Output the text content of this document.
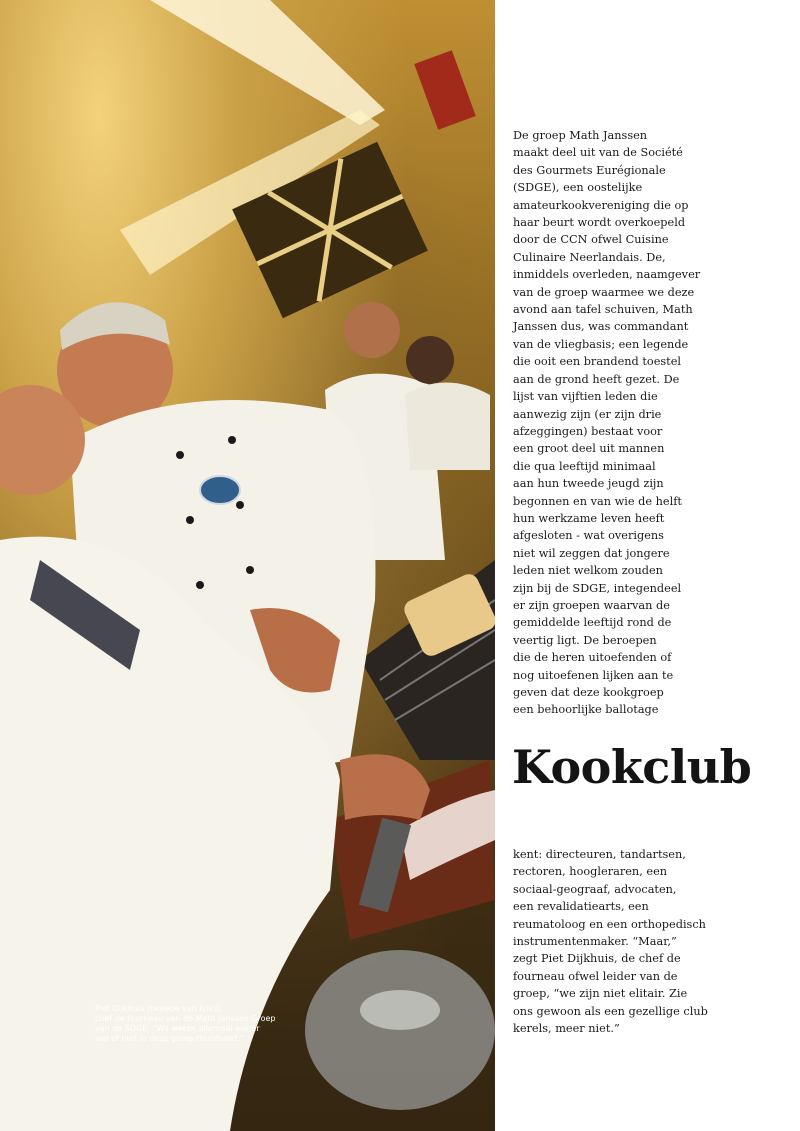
Piet Dijkhuis (tweede van links),
chef de fourneau van de Math Janssen Groep
van de SDGE: “Wij weten allemaal wie er
wel of niet in deze groep thuishoort.”
De groep Math Janssen
maakt deel uit van de Société
des Gourmets Eurégionale
(SDGE), een oostelijke
amateurkookvereniging die op
haar beurt wordt overkoepeld
door de CCN ofwel Cuisine
Culinaire Neerlandais. De,
inmiddels overleden, naamgever
van de groep waarmee we deze
avond aan tafel schuiven, Math
Janssen dus, was commandant
van de vliegbasis; een legende
die ooit een brandend toestel
aan de grond heeft gezet. De
lijst van vijftien leden die
aanwezig zijn (er zijn drie
afzeggingen) bestaat voor
een groot deel uit mannen
die qua leeftijd minimaal
aan hun tweede jeugd zijn
begonnen en van wie de helft
hun werkzame leven heeft
afgesloten - wat overigens
niet wil zeggen dat jongere
leden niet welkom zouden
zijn bij de SDGE, integendeel
er zijn groepen waarvan de
gemiddelde leeftijd rond de
veertig ligt. De beroepen
die de heren uitoefenden of
nog uitoefenen lijken aan te
geven dat deze kookgroep
een behoorlijke ballotage
Kookclub
kent: directeuren, tandartsen,
rectoren, hoogleraren, een
sociaal-geograaf, advocaten,
een revalidatiearts, een
reumatoloog en een orthopedisch
instrumentenmaker. “Maar,”
zegt Piet Dijkhuis, de chef de
fourneau ofwel leider van de
groep, “we zijn niet elitair. Zie
ons gewoon als een gezellige club
kerels, meer niet.”
